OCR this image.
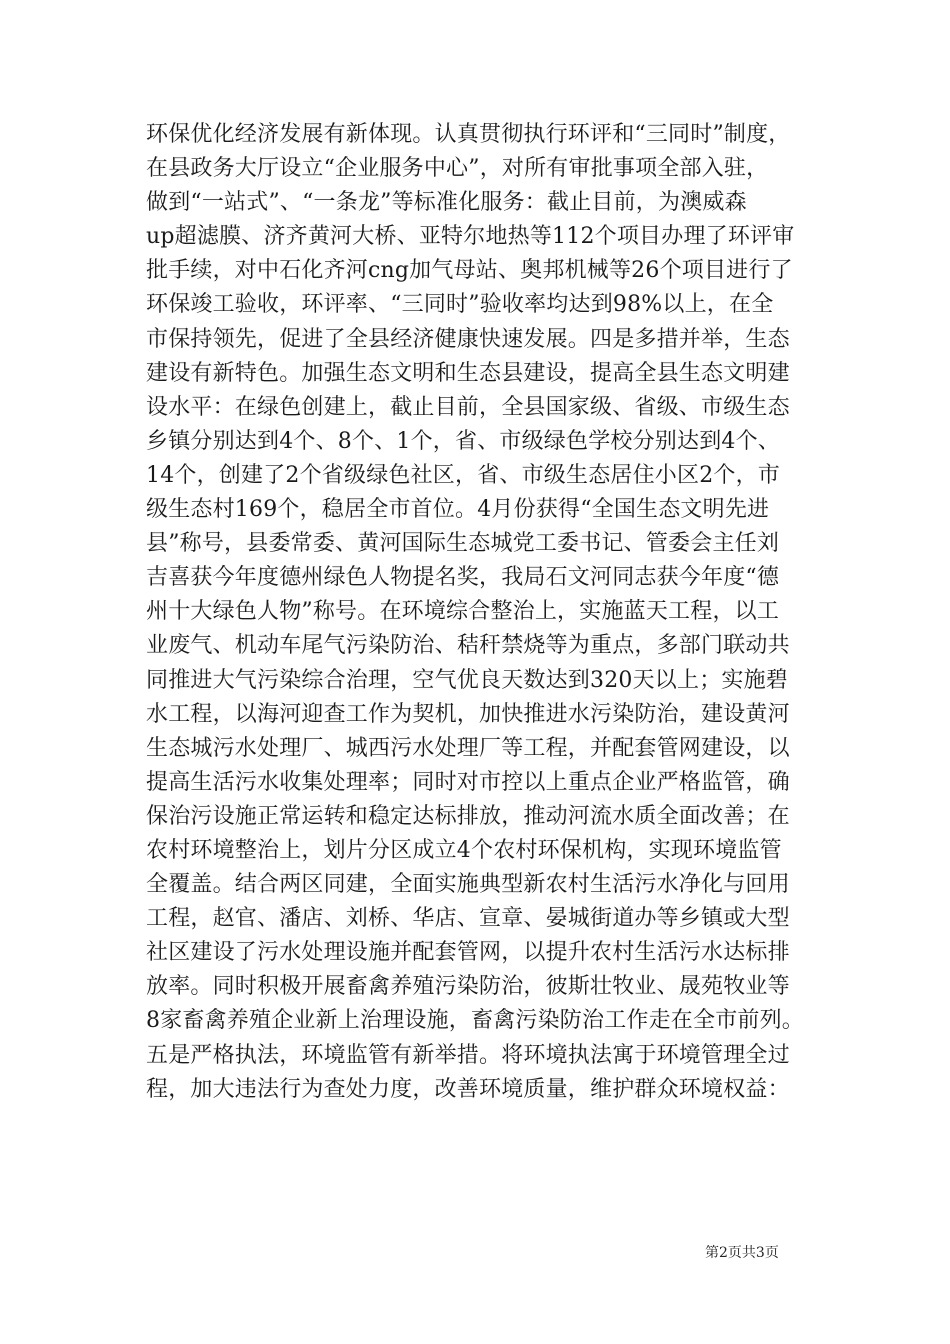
环保优化经济发展有新体现。认真贯彻执行环评和“三同时”制度，
在县政务大厅设立“企业服务中心”，对所有审批事项全部入驻，
做到“一站式”、“一条龙”等标准化服务：截止目前，为澳威森
up超滤膜、济齐黄河大桥、亚特尔地热等112个项目办理了环评审
批手续，对中石化齐河cng加气母站、奥邦机械等26个项目进行了
环保竣工验收，环评率、“三同时”验收率均达到98%以上，在全
市保持领先，促进了全县经济健康快速发展。四是多措并举，生态
建设有新特色。加强生态文明和生态县建设，提高全县生态文明建
设水平：在绿色创建上，截止目前，全县国家级、省级、市级生态
乡镇分别达到4个、8个、1个，省、市级绿色学校分别达到4个、
14个，创建了2个省级绿色社区，省、市级生态居住小区2个，市
级生态村169个，稳居全市首位。4月份获得“全国生态文明先进
县”称号，县委常委、黄河国际生态城党工委书记、管委会主任刘
吉喜获今年度德州绿色人物提名奖，我局石文河同志获今年度“德
州十大绿色人物”称号。在环境综合整治上，实施蓝天工程，以工
业废气、机动车尾气污染防治、秸秆禁烧等为重点，多部门联动共
同推进大气污染综合治理，空气优良天数达到320天以上；实施碧
水工程，以海河迎查工作为契机，加快推进水污染防治，建设黄河
生态城污水处理厂、城西污水处理厂等工程，并配套管网建设，以
提高生活污水收集处理率；同时对市控以上重点企业严格监管，确
保治污设施正常运转和稳定达标排放，推动河流水质全面改善；在
农村环境整治上，划片分区成立4个农村环保机构，实现环境监管
全覆盖。结合两区同建，全面实施典型新农村生活污水净化与回用
工程，赵官、潘店、刘桥、华店、宣章、晏城街道办等乡镇或大型
社区建设了污水处理设施并配套管网，以提升农村生活污水达标排
放率。同时积极开展畜禽养殖污染防治，彼斯壮牧业、晟苑牧业等
8家畜禽养殖企业新上治理设施，畜禽污染防治工作走在全市前列。
五是严格执法，环境监管有新举措。将环境执法寓于环境管理全过
程，加大违法行为查处力度，改善环境质量，维护群众环境权益：
第2页共3页
